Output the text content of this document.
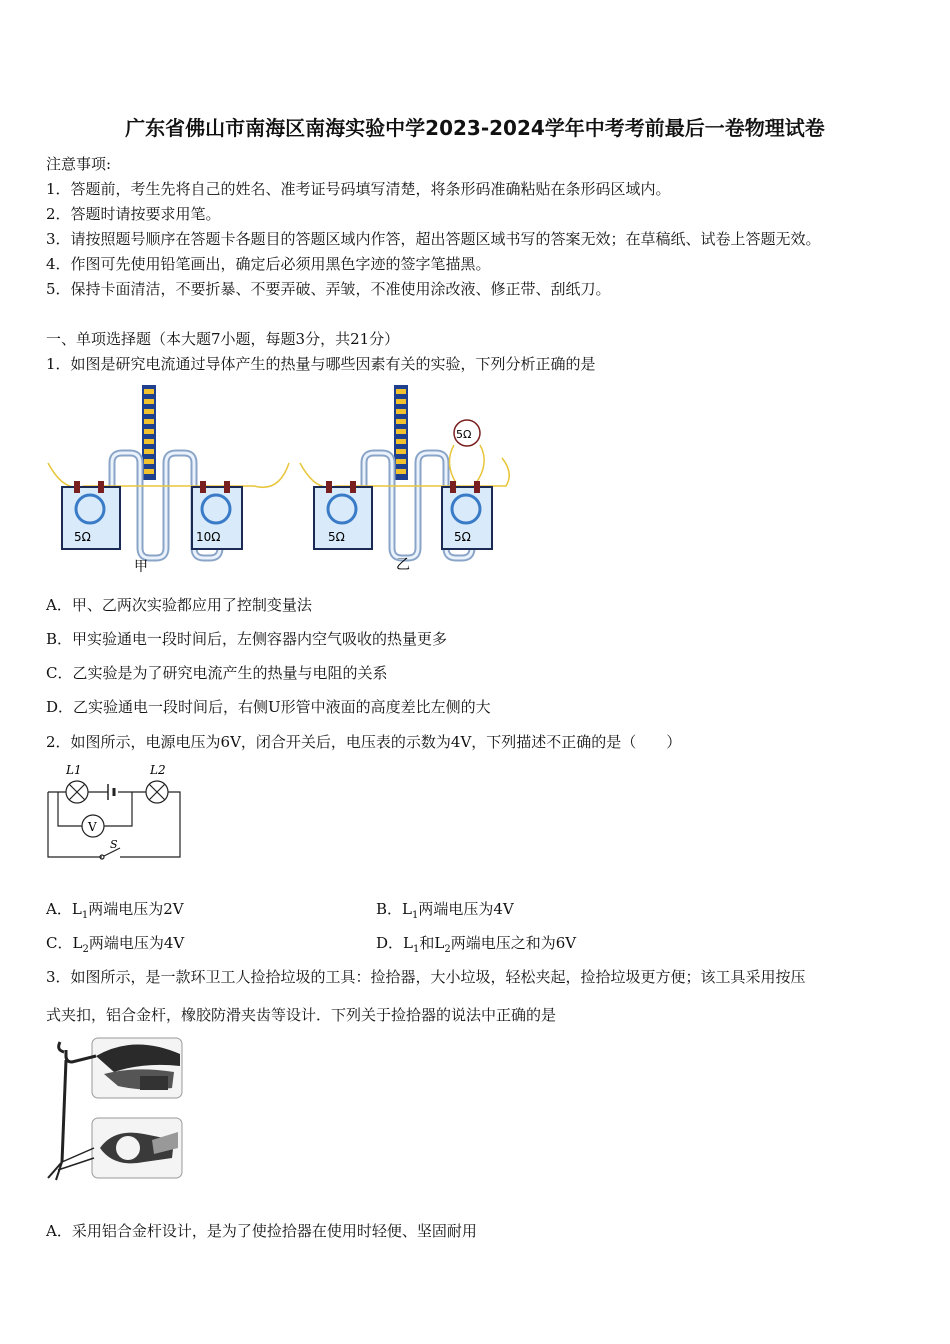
广东省佛山市南海区南海实验中学2023-2024学年中考考前最后一卷物理试卷
注意事项:
1．答题前，考生先将自己的姓名、准考证号码填写清楚，将条形码准确粘贴在条形码区域内。
2．答题时请按要求用笔。
3．请按照题号顺序在答题卡各题目的答题区域内作答，超出答题区域书写的答案无效；在草稿纸、试卷上答题无效。
4．作图可先使用铅笔画出，确定后必须用黑色字迹的签字笔描黑。
5．保持卡面清洁，不要折暴、不要弄破、弄皱，不准使用涂改液、修正带、刮纸刀。
一、单项选择题（本大题7小题，每题3分，共21分）
1．如图是研究电流通过导体产生的热量与哪些因素有关的实验，下列分析正确的是
5Ω	10Ω
甲
5Ω
5Ω	5Ω
乙
A．甲、乙两次实验都应用了控制变量法
B．甲实验通电一段时间后，左侧容器内空气吸收的热量更多
C．乙实验是为了研究电流产生的热量与电阻的关系
D．乙实验通电一段时间后，右侧U形管中液面的高度差比左侧的大
2．如图所示，电源电压为6V，闭合开关后，电压表的示数为4V，下列描述不正确的是（　　）
L1	L2
V
S
A．$L_1$两端电压为2V	B．$L_1$两端电压为4V
C．$L_2$两端电压为4V	D．$L_1$和$L_2$两端电压之和为6V
3．如图所示，是一款环卫工人捡拾垃圾的工具：捡拾器，大小垃圾，轻松夹起，捡拾垃圾更方便；该工具采用按压
式夹扣，铝合金杆，橡胶防滑夹齿等设计．下列关于捡拾器的说法中正确的是
A．采用铝合金杆设计，是为了使捡拾器在使用时轻便、坚固耐用
